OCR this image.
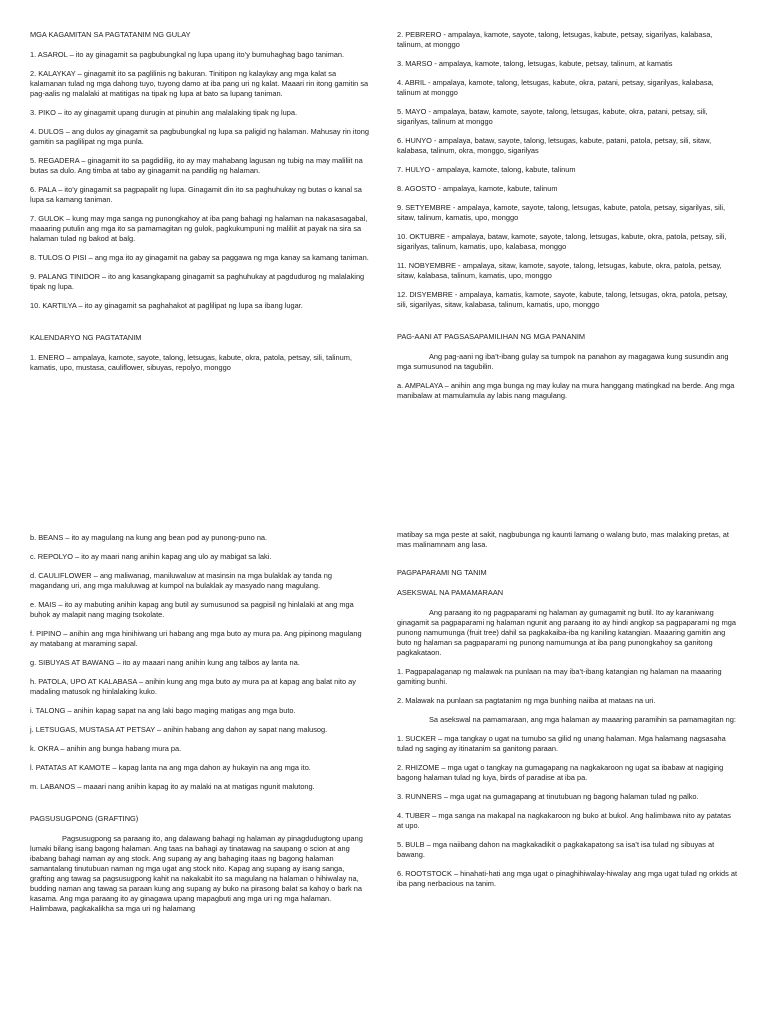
MGA KAGAMITAN SA PAGTATANIM NG GULAY

1. ASAROL – ito ay ginagamit sa pagbubungkal ng lupa upang ito’y bumuhaghag bago taniman.

2. KALAYKAY – ginagamit ito sa paglilinis ng bakuran. Tinitipon ng kalaykay ang mga kalat sa kalamanan tulad ng mga dahong tuyo, tuyong damo at iba pang uri ng kalat. Maaari rin itong gamitin sa pag-aalis ng malalaki at matitigas na tipak ng lupa at bato sa lupang taniman.

3. PIKO – ito ay ginagamit upang durugin at pinuhin ang malalaking tipak ng lupa.

4. DULOS – ang dulos ay ginagamit sa pagbubungkal ng lupa sa paligid ng halaman. Mahusay rin itong gamitin sa paglilipat ng mga punla.

5. REGADERA – ginagamit ito sa pagdidilig, ito ay may mahabang lagusan ng tubig na may maliliit na butas sa dulo. Ang timba at tabo ay ginagamit na pandilig ng halaman.

6. PALA – ito’y ginagamit sa pagpapalit ng lupa. Ginagamit din ito sa paghuhukay ng butas o kanal sa lupa sa kamang taniman.

7. GULOK – kung may mga sanga ng punongkahoy at iba pang bahagi ng halaman na nakasasagabal, maaaring putulin ang mga ito sa pamamagitan ng gulok, pagkukumpuni ng maliliit at payak na sira sa halaman tulad ng bakod at balg.

8. TULOS O PISI – ang mga ito ay ginagamit na gabay sa paggawa ng mga kanay sa kamang taniman.

9. PALANG TINIDOR – ito ang kasangkapang ginagamit sa paghuhukay at pagdudurog ng malalaking tipak ng lupa.

10. KARTILYA – ito ay ginagamit sa paghahakot at paglilipat ng lupa sa ibang lugar.

KALENDARYO NG PAGTATANIM

1. ENERO – ampalaya, kamote, sayote, talong, letsugas, kabute, okra, patola, petsay, sili, talinum, kamatis, upo, mustasa, cauliflower, sibuyas, repolyo, monggo

2. PEBRERO - ampalaya, kamote, sayote, talong, letsugas, kabute, petsay, sigarilyas, kalabasa, talinum, at monggo

3. MARSO - ampalaya, kamote, talong, letsugas, kabute, petsay, talinum, at kamatis

4. ABRIL - ampalaya, kamote, talong, letsugas, kabute, okra, patani, petsay, sigarilyas, kalabasa, talinum at monggo

5. MAYO - ampalaya, bataw, kamote, sayote, talong, letsugas, kabute, okra, patani, petsay, sili, sigarilyas, talinum at monggo

6. HUNYO - ampalaya, bataw, sayote, talong, letsugas, kabute, patani, patola, petsay, sili, sitaw, kalabasa, talinum, okra, monggo, sigarilyas

7. HULYO - ampalaya, kamote, talong, kabute, talinum

8. AGOSTO - ampalaya, kamote, kabute, talinum

9. SETYEMBRE - ampalaya, kamote, sayote, talong, letsugas, kabute, patola, petsay, sigarilyas, sili, sitaw, talinum, kamatis, upo, monggo

10. OKTUBRE - ampalaya, bataw, kamote, sayote, talong, letsugas, kabute, okra, patola, petsay, sili, sigarilyas, talinum, kamatis, upo, kalabasa, monggo

11. NOBYEMBRE - ampalaya, sitaw, kamote, sayote, talong, letsugas, kabute, okra, patola, petsay, sitaw, kalabasa, talinum, kamatis, upo, monggo

12. DISYEMBRE - ampalaya, kamatis, kamote, sayote, kabute, talong, letsugas, okra, patola, petsay, sili, sigarilyas, sitaw, kalabasa, talinum, kamatis, upo, monggo

PAG-AANI AT PAGSASAPAMILIHAN NG MGA PANANIM

Ang pag-aani ng iba’t-ibang gulay sa tumpok na panahon ay magagawa kung susundin ang mga sumusunod na tagubilin.

a. AMPALAYA – anihin ang mga bunga ng may kulay na mura hanggang matingkad na berde. Ang mga manibalaw at mamulamula ay labis nang magulang.

b. BEANS – ito ay magulang na kung ang bean pod ay punong-puno na.

c. REPOLYO – ito ay maari nang anihin kapag ang ulo ay mabigat sa laki.

d. CAULIFLOWER – ang maliwanag, maniluwaluw at masinsin na mga bulaklak ay tanda ng magandang uri, ang mga maluluwag at kumpol na bulaklak ay masyado nang magulang.

e. MAIS – ito ay mabuting anihin kapag ang butil ay sumusunod sa pagpisil ng hinlalaki at ang mga buhok ay malapit nang maging tsokolate.

f. PIPINO – anihin ang mga hinihiwang uri habang ang mga buto ay mura pa. Ang pipinong magulang ay matabang at maraming sapal.

g. SIBUYAS AT BAWANG – ito ay maaari nang anihin kung ang talbos ay lanta na.

h. PATOLA, UPO AT KALABASA – anihin kung ang mga buto ay mura pa at kapag ang balat nito ay madaling matusok ng hinlalaking kuko.

i. TALONG – anihin kapag sapat na ang laki bago maging matigas ang mga buto.

j. LETSUGAS, MUSTASA AT PETSAY – anihin habang ang dahon ay sapat nang malusog.

k. OKRA – anihin ang bunga habang mura pa.

l. PATATAS AT KAMOTE – kapag lanta na ang mga dahon ay hukayin na ang mga ito.

m. LABANOS – maaari nang anihin kapag ito ay malaki na at matigas ngunit malutong.

PAGSUSUGPONG (GRAFTING)

Pagsusugpong sa paraang ito, ang dalawang bahagi ng halaman ay pinagdudugtong upang lumaki bilang isang bagong halaman. Ang taas na bahagi ay tinatawag na saupang o scion at ang ibabang bahagi naman ay ang stock. Ang supang ay ang bahaging itaas ng bagong halaman samantalang tinutubuan naman ng mga ugat ang stock nito. Kapag ang supang ay isang sanga, grafting ang tawag sa pagsusugpong kahit na nakakabit ito sa magulang na halaman o hihiwalay na, budding naman ang tawag sa paraan kung ang supang ay buko na pirasong balat sa kahoy o bark na kasama. Ang mga paraang ito ay ginagawa upang mapagbuti ang mga uri ng mga halaman. Halimbawa, pagkakalikha sa mga uri ng halamang

matibay sa mga peste at sakit, nagbubunga ng kaunti lamang o walang buto, mas malaking pretas, at mas malinamnam ang lasa.

PAGPAPARAMI NG TANIM
ASEKSWAL NA PAMAMARAAN

Ang paraang ito ng pagpaparami ng halaman ay gumagamit ng butil. Ito ay karaniwang ginagamit sa pagpaparami ng halaman ngunit ang paraang ito ay hindi angkop sa pagpaparami ng mga punong namumunga (fruit tree) dahil sa pagkakaiba-iba ng kaniling katangian. Maaaring gamitin ang buto ng halaman sa pagpaparami ng punong namumunga at iba pang punongkahoy sa ganitong pagkakataon.

1. Pagpapalaganap ng malawak na punlaan na may iba’t-ibang katangian ng halaman na maaaring gamiting bunhi.

2. Malawak na punlaan sa pagtatanim ng mga bunhing naiiba at mataas na uri.

Sa asekswal na pamamaraan, ang mga halaman ay maaaring paramihin sa pamamagitan ng:

1. SUCKER – mga tangkay o ugat na tumubo sa gilid ng unang halaman. Mga halamang nagsasaha tulad ng saging ay itinatanim sa ganitong paraan.

2. RHIZOME – mga ugat o tangkay na gumagapang na nagkakaroon ng ugat sa ibabaw at nagiging bagong halaman tulad ng luya, birds of paradise at iba pa.

3. RUNNERS – mga ugat na gumagapang at tinutubuan ng bagong halaman tulad ng palko.

4. TUBER – mga sanga na makapal na nagkakaroon ng buko at bukol. Ang halimbawa nito ay patatas at upo.

5. BULB – mga naiibang dahon na magkakadikit o pagkakapatong sa isa’t isa tulad ng sibuyas at bawang.

6. ROOTSTOCK – hinahati-hati ang mga ugat o pinaghihiwalay-hiwalay ang mga ugat tulad ng orkids at iba pang nerbacious na tanim.
